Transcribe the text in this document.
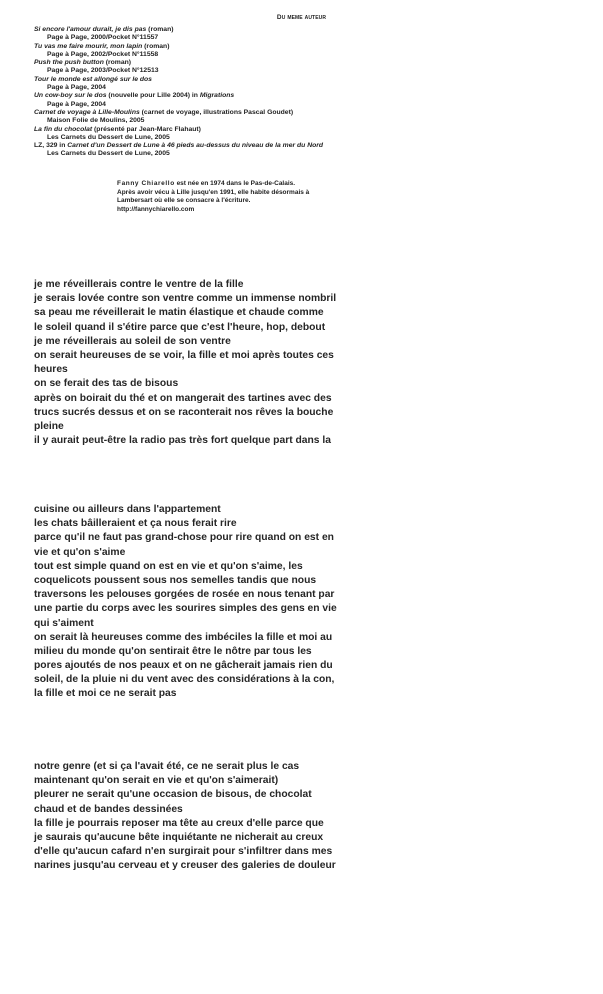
Du meme auteur
Si encore l'amour durait, je dis pas (roman)
Page à Page, 2000/Pocket N°11557
Tu vas me faire mourir, mon lapin (roman)
Page à Page, 2002/Pocket N°11558
Push the push button (roman)
Page à Page, 2003/Pocket N°12513
Tour le monde est allongé sur le dos
Page à Page, 2004
Un cow-boy sur le dos (nouvelle pour Lille 2004) in Migrations
Page à Page, 2004
Carnet de voyage à Lille-Moulins (carnet de voyage, illustrations Pascal Goudet)
Maison Folie de Moulins, 2005
La fin du chocolat (présenté par Jean-Marc Flahaut)
Les Carnets du Dessert de Lune, 2005
LZ, 329 in Carnet d'un Dessert de Lune à 46 pieds au-dessus du niveau de la mer du Nord
Les Carnets du Dessert de Lune, 2005
Fanny Chiarello est née en 1974 dans le Pas-de-Calais.
Après avoir vécu à Lille jusqu'en 1991, elle habite désormais à
Lambersart où elle se consacre à l'écriture.
http://fannychiarello.com
je me réveillerais contre le ventre de la fille
je serais lovée contre son ventre comme un immense nombril
sa peau me réveillerait le matin élastique et chaude comme
le soleil quand il s'étire parce que c'est l'heure, hop, debout
je me réveillerais au soleil de son ventre
on serait heureuses de se voir, la fille et moi après toutes ces
heures
on se ferait des tas de bisous
après on boirait du thé et on mangerait des tartines avec des
trucs sucrés dessus et on se raconterait nos rêves la bouche
pleine
il y aurait peut-être la radio pas très fort quelque part dans la
cuisine ou ailleurs dans l'appartement
les chats bâilleraient et ça nous ferait rire
parce qu'il ne faut pas grand-chose pour rire quand on est en
vie et qu'on s'aime
tout est simple quand on est en vie et qu'on s'aime, les
coquelicots poussent sous nos semelles tandis que nous
traversons les pelouses gorgées de rosée en nous tenant par
une partie du corps avec les sourires simples des gens en vie
qui s'aiment
on serait là heureuses comme des imbéciles la fille et moi au
milieu du monde qu'on sentirait être le nôtre par tous les
pores ajoutés de nos peaux et on ne gâcherait jamais rien du
soleil, de la pluie ni du vent avec des considérations à la con,
la fille et moi ce ne serait pas
notre genre (et si ça l'avait été, ce ne serait plus le cas
maintenant qu'on serait en vie et qu'on s'aimerait)
pleurer ne serait qu'une occasion de bisous, de chocolat
chaud et de bandes dessinées
la fille je pourrais reposer ma tête au creux d'elle parce que
je saurais qu'aucune bête inquiétante ne nicherait au creux
d'elle qu'aucun cafard n'en surgirait pour s'infiltrer dans mes
narines jusqu'au cerveau et y creuser des galeries de douleur
